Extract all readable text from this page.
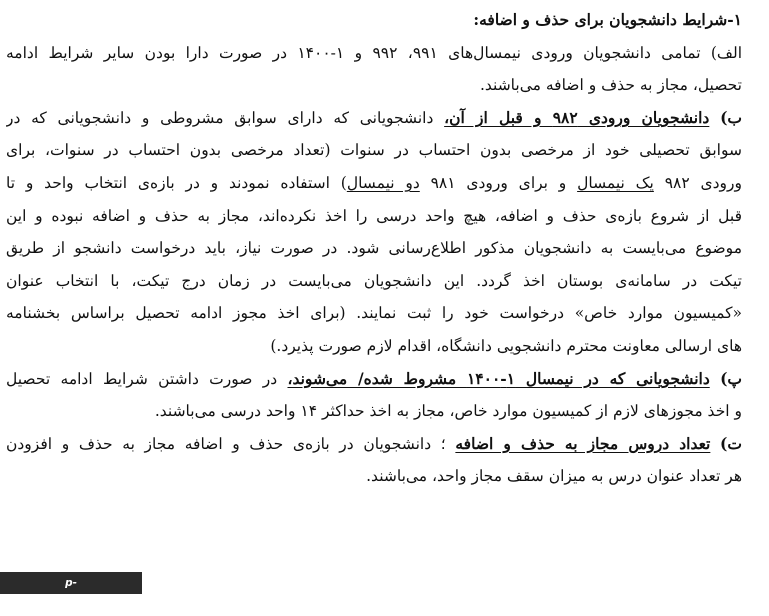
۱-شرایط دانشجویان برای حذف و اضافه:
الف) تمامی دانشجویان ورودی نیمسال‌های ۹۹۱، ۹۹۲ و ۱-۱۴۰۰ در صورت دارا بودن سایر شرایط ادامه
تحصیل، مجاز به حذف و اضافه می‌باشند.
ب) دانشجویان ورودی ۹۸۲ و قبل از آن، دانشجویانی که دارای سوابق مشروطی و دانشجویانی که در
سوابق تحصیلی خود از مرخصی بدون احتساب در سنوات (تعداد مرخصی بدون احتساب در سنوات، برای
ورودی ۹۸۲ یک نیمسال و برای ورودی ۹۸۱ دو نیمسال) استفاده نمودند و در بازه‌ی انتخاب واحد و تا
قبل از شروع بازه‌ی حذف و اضافه، هیچ واحد درسی را اخذ نکرده‌اند، مجاز به حذف و اضافه نبوده و این
موضوع می‌بایست به دانشجویان مذکور اطلاع‌رسانی شود. در صورت نیاز، باید درخواست دانشجو از طریق
تیکت در سامانه‌ی بوستان اخذ گردد. این دانشجویان می‌بایست در زمان درج تیکت، با انتخاب عنوان
«کمیسیون موارد خاص» درخواست خود را ثبت نمایند. (برای اخذ مجوز ادامه تحصیل براساس بخشنامه
های ارسالی معاونت محترم دانشجویی دانشگاه، اقدام لازم صورت پذیرد.)
پ) دانشجویانی که در نیمسال ۱-۱۴۰۰ مشروط شده/ می‌شوند، در صورت داشتن شرایط ادامه تحصیل
و اخذ مجوزهای لازم از کمیسیون موارد خاص، مجاز به اخذ حداکثر ۱۴ واحد درسی می‌باشند.
ت) تعداد دروس مجاز به حذف و اضافه ؛ دانشجویان در بازه‌ی حذف و اضافه مجاز به حذف و افزودن
هر تعداد عنوان درس به میزان سقف مجاز واحد، می‌باشند.

p-aliabadkatool.tvu.ac.ir
